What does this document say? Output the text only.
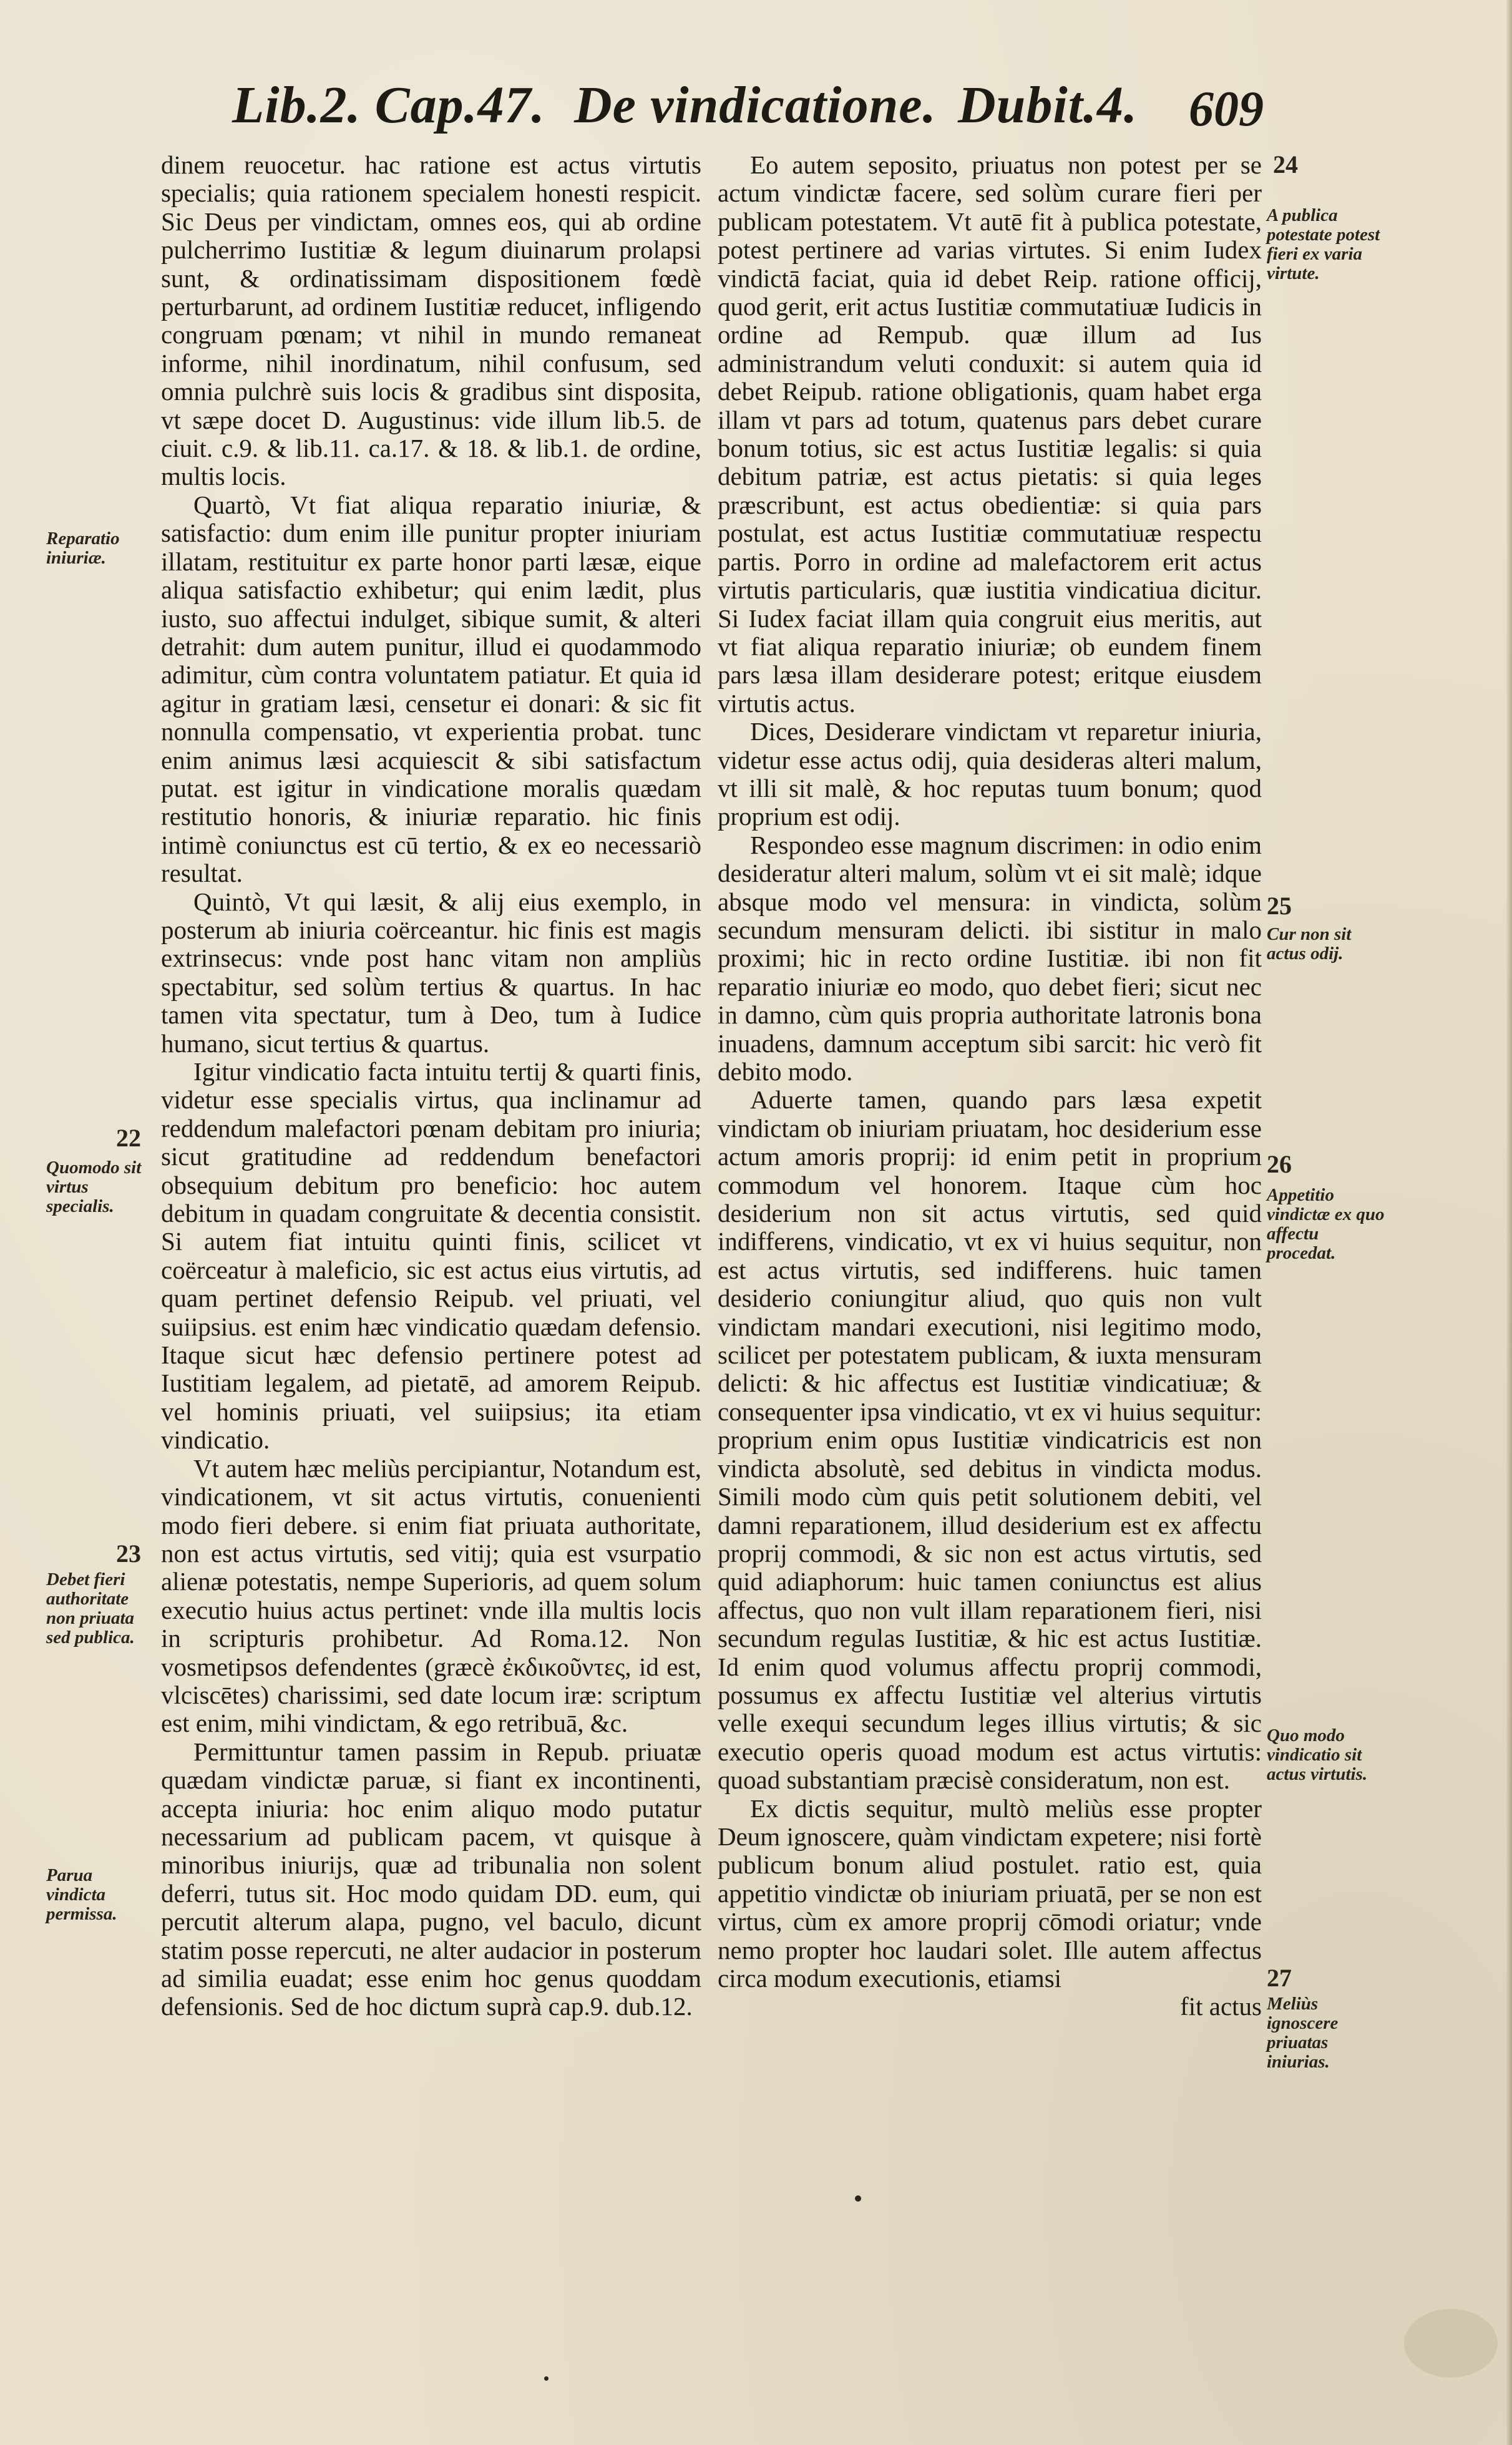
Lib.2. Cap.47. De vindicatione. Dubit.4. 609

dinem reuocetur. hac ratione est actus virtutis specialis; quia rationem specialem honesti respicit. Sic Deus per vindictam, omnes eos, qui ab ordine pulcherrimo Iustitiæ & legum diuinarum prolapsi sunt, & ordinatissimam dispositionem fœdè perturbarunt, ad ordinem Iustitiæ reducet, infligendo congruam pœnam; vt nihil in mundo remaneat informe, nihil inordinatum, nihil confusum, sed omnia pulchrè suis locis & gradibus sint disposita, vt sæpe docet D. Augustinus: vide illum lib.5. de ciuit. c.9. & lib.11. ca.17. & 18. & lib.1. de ordine, multis locis.

Quartò, Vt fiat aliqua reparatio iniuriæ, & satisfactio: dum enim ille punitur propter iniuriam illatam, restituitur ex parte honor parti læsæ, eique aliqua satisfactio exhibetur; qui enim lædit, plus iusto, suo affectui indulget, sibique sumit, & alteri detrahit: dum autem punitur, illud ei quodammodo adimitur, cùm contra voluntatem patiatur. Et quia id agitur in gratiam læsi, censetur ei donari: & sic fit nonnulla compensatio, vt experientia probat. tunc enim animus læsi acquiescit & sibi satisfactum putat. est igitur in vindicatione moralis quædam restitutio honoris, & iniuriæ reparatio. hic finis intimè coniunctus est cū tertio, & ex eo necessariò resultat.

Quintò, Vt qui læsit, & alij eius exemplo, in posterum ab iniuria coërceantur. hic finis est magis extrinsecus: vnde post hanc vitam non ampliùs spectabitur, sed solùm tertius & quartus. In hac tamen vita spectatur, tum à Deo, tum à Iudice humano, sicut tertius & quartus.

Igitur vindicatio facta intuitu tertij & quarti finis, videtur esse specialis virtus, qua inclinamur ad reddendum malefactori pœnam debitam pro iniuria; sicut gratitudine ad reddendum benefactori obsequium debitum pro beneficio: hoc autem debitum in quadam congruitate & decentia consistit. Si autem fiat intuitu quinti finis, scilicet vt coërceatur à maleficio, sic est actus eius virtutis, ad quam pertinet defensio Reipub. vel priuati, vel suiipsius. est enim hæc vindicatio quædam defensio. Itaque sicut hæc defensio pertinere potest ad Iustitiam legalem, ad pietatē, ad amorem Reipub. vel hominis priuati, vel suiipsius; ita etiam vindicatio.

Vt autem hæc meliùs percipiantur, Notandum est, vindicationem, vt sit actus virtutis, conuenienti modo fieri debere. si enim fiat priuata authoritate, non est actus virtutis, sed vitij; quia est vsurpatio alienæ potestatis, nempe Superioris, ad quem solum executio huius actus pertinet: vnde illa multis locis in scripturis prohibetur. Ad Roma.12. Non vosmetipsos defendentes (græcè ἐκδικοῦντες, id est, vlciscētes) charissimi, sed date locum iræ: scriptum est enim, mihi vindictam, & ego retribuā, &c.

Permittuntur tamen passim in Repub. priuatæ quædam vindictæ paruæ, si fiant ex incontinenti, accepta iniuria: hoc enim aliquo modo putatur necessarium ad publicam pacem, vt quisque à minoribus iniurijs, quæ ad tribunalia non solent deferri, tutus sit. Hoc modo quidam DD. eum, qui percutit alterum alapa, pugno, vel baculo, dicunt statim posse repercuti, ne alter audacior in posterum ad similia euadat; esse enim hoc genus quoddam defensionis. Sed de hoc dictum suprà cap.9. dub.12.

Eo autem seposito, priuatus non potest per se actum vindictæ facere, sed solùm curare fieri per publicam potestatem. Vt autē fit à publica potestate, potest pertinere ad varias virtutes. Si enim Iudex vindictā faciat, quia id debet Reip. ratione officij, quod gerit, erit actus Iustitiæ commutatiuæ Iudicis in ordine ad Rempub. quæ illum ad Ius administrandum veluti conduxit: si autem quia id debet Reipub. ratione obligationis, quam habet erga illam vt pars ad totum, quatenus pars debet curare bonum totius, sic est actus Iustitiæ legalis: si quia debitum patriæ, est actus pietatis: si quia leges præscribunt, est actus obedientiæ: si quia pars postulat, est actus Iustitiæ commutatiuæ respectu partis. Porro in ordine ad malefactorem erit actus virtutis particularis, quæ iustitia vindicatiua dicitur. Si Iudex faciat illam quia congruit eius meritis, aut vt fiat aliqua reparatio iniuriæ; ob eundem finem pars læsa illam desiderare potest; eritque eiusdem virtutis actus.

Dices, Desiderare vindictam vt reparetur iniuria, videtur esse actus odij, quia desideras alteri malum, vt illi sit malè, & hoc reputas tuum bonum; quod proprium est odij.

Respondeo esse magnum discrimen: in odio enim desideratur alteri malum, solùm vt ei sit malè; idque absque modo vel mensura: in vindicta, solùm secundum mensuram delicti. ibi sistitur in malo proximi; hic in recto ordine Iustitiæ. ibi non fit reparatio iniuriæ eo modo, quo debet fieri; sicut nec in damno, cùm quis propria authoritate latronis bona inuadens, damnum acceptum sibi sarcit: hic verò fit debito modo.

Aduerte tamen, quando pars læsa expetit vindictam ob iniuriam priuatam, hoc desiderium esse actum amoris proprij: id enim petit in proprium commodum vel honorem. Itaque cùm hoc desiderium non sit actus virtutis, sed quid indifferens, vindicatio, vt ex vi huius sequitur, non est actus virtutis, sed indifferens. huic tamen desiderio coniungitur aliud, quo quis non vult vindictam mandari executioni, nisi legitimo modo, scilicet per potestatem publicam, & iuxta mensuram delicti: & hic affectus est Iustitiæ vindicatiuæ; & consequenter ipsa vindicatio, vt ex vi huius sequitur: proprium enim opus Iustitiæ vindicatricis est non vindicta absolutè, sed debitus in vindicta modus. Simili modo cùm quis petit solutionem debiti, vel damni reparationem, illud desiderium est ex affectu proprij commodi, & sic non est actus virtutis, sed quid adiaphorum: huic tamen coniunctus est alius affectus, quo non vult illam reparationem fieri, nisi secundum regulas Iustitiæ, & hic est actus Iustitiæ. Id enim quod volumus affectu proprij commodi, possumus ex affectu Iustitiæ vel alterius virtutis velle exequi secundum leges illius virtutis; & sic executio operis quoad modum est actus virtutis: quoad substantiam præcisè consideratum, non est.

Ex dictis sequitur, multò meliùs esse propter Deum ignoscere, quàm vindictam expetere; nisi fortè publicum bonum aliud postulet. ratio est, quia appetitio vindictæ ob iniuriam priuatā, per se non est virtus, cùm ex amore proprij cōmodi oriatur; vnde nemo propter hoc laudari solet. Ille autem affectus circa modum executionis, etiamsi

fit actus

Reparatio iniuriæ.
22
Quomodo sit virtus specialis.
23
Debet fieri authoritate non priuata sed publica.
Parua vindicta permissa.
24
A publica potestate potest fieri ex varia virtute.
25
Cur non sit actus odij.
26
Appetitio vindictæ ex quo affectu procedat.
Quo modo vindicatio sit actus virtutis.
27
Meliùs ignoscere priuatas iniurias.
